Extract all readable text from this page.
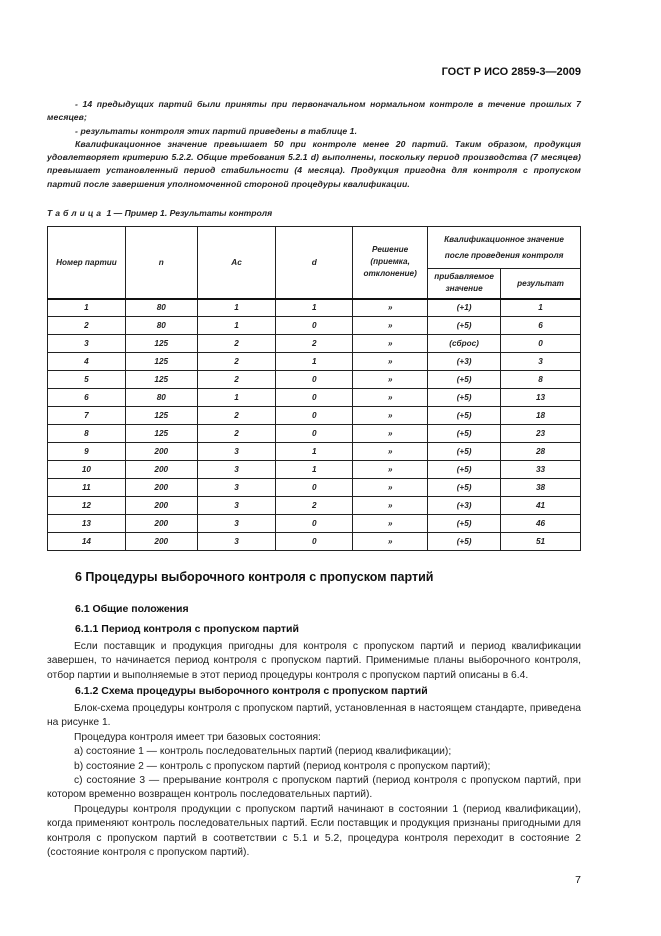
ГОСТ Р ИСО 2859-3—2009

- 14 предыдущих партий были приняты при первоначальном нормальном контроле в течение прошлых 7 месяцев;

- результаты контроля этих партий приведены в таблице 1.

Квалификационное значение превышает 50 при контроле менее 20 партий. Таким образом, продукция удовлетворяет критерию 5.2.2. Общие требования 5.2.1 d) выполнены, поскольку период производства (7 месяцев) превышает установленный период стабильности (4 месяца). Продукция пригодна для контроля с пропуском партий после завершения уполномоченной стороной процедуры квалификации.

Таблица 1 — Пример 1. Результаты контроля
Номер партии	n	Ac	d	Решение (приемка, отклонение)	Квалификационное значение после проведения контроля	
					прибавляемое значение	результат
1	80	1	1	»	(+1)	1
2	80	1	0	»	(+5)	6
3	125	2	2	»	(сброс)	0
4	125	2	1	»	(+3)	3
5	125	2	0	»	(+5)	8
6	80	1	0	»	(+5)	13
7	125	2	0	»	(+5)	18
8	125	2	0	»	(+5)	23
9	200	3	1	»	(+5)	28
10	200	3	1	»	(+5)	33
11	200	3	0	»	(+5)	38
12	200	3	2	»	(+3)	41
13	200	3	0	»	(+5)	46
14	200	3	0	»	(+5)	51
6 Процедуры выборочного контроля с пропуском партий
6.1 Общие положения
6.1.1 Период контроля с пропуском партий

Если поставщик и продукция пригодны для контроля с пропуском партий и период квалификации завершен, то начинается период контроля с пропуском партий. Применимые планы выборочного контроля, отбор партии и выполняемые в этот период процедуры контроля с пропуском партий описаны в 6.4.

6.1.2 Схема процедуры выборочного контроля с пропуском партий

Блок-схема процедуры контроля с пропуском партий, установленная в настоящем стандарте, приведена на рисунке 1.

Процедура контроля имеет три базовых состояния:

a) состояние 1 — контроль последовательных партий (период квалификации);

b) состояние 2 — контроль с пропуском партий (период контроля с пропуском партий);

c) состояние 3 — прерывание контроля с пропуском партий (период контроля с пропуском партий, при котором временно возвращен контроль последовательных партий).

Процедуры контроля продукции с пропуском партий начинают в состоянии 1 (период квалификации), когда применяют контроль последовательных партий. Если поставщик и продукция признаны пригодными для контроля с пропуском партий в соответствии с 5.1 и 5.2, процедура контроля переходит в состояние 2 (состояние контроля с пропуском партий).

7
